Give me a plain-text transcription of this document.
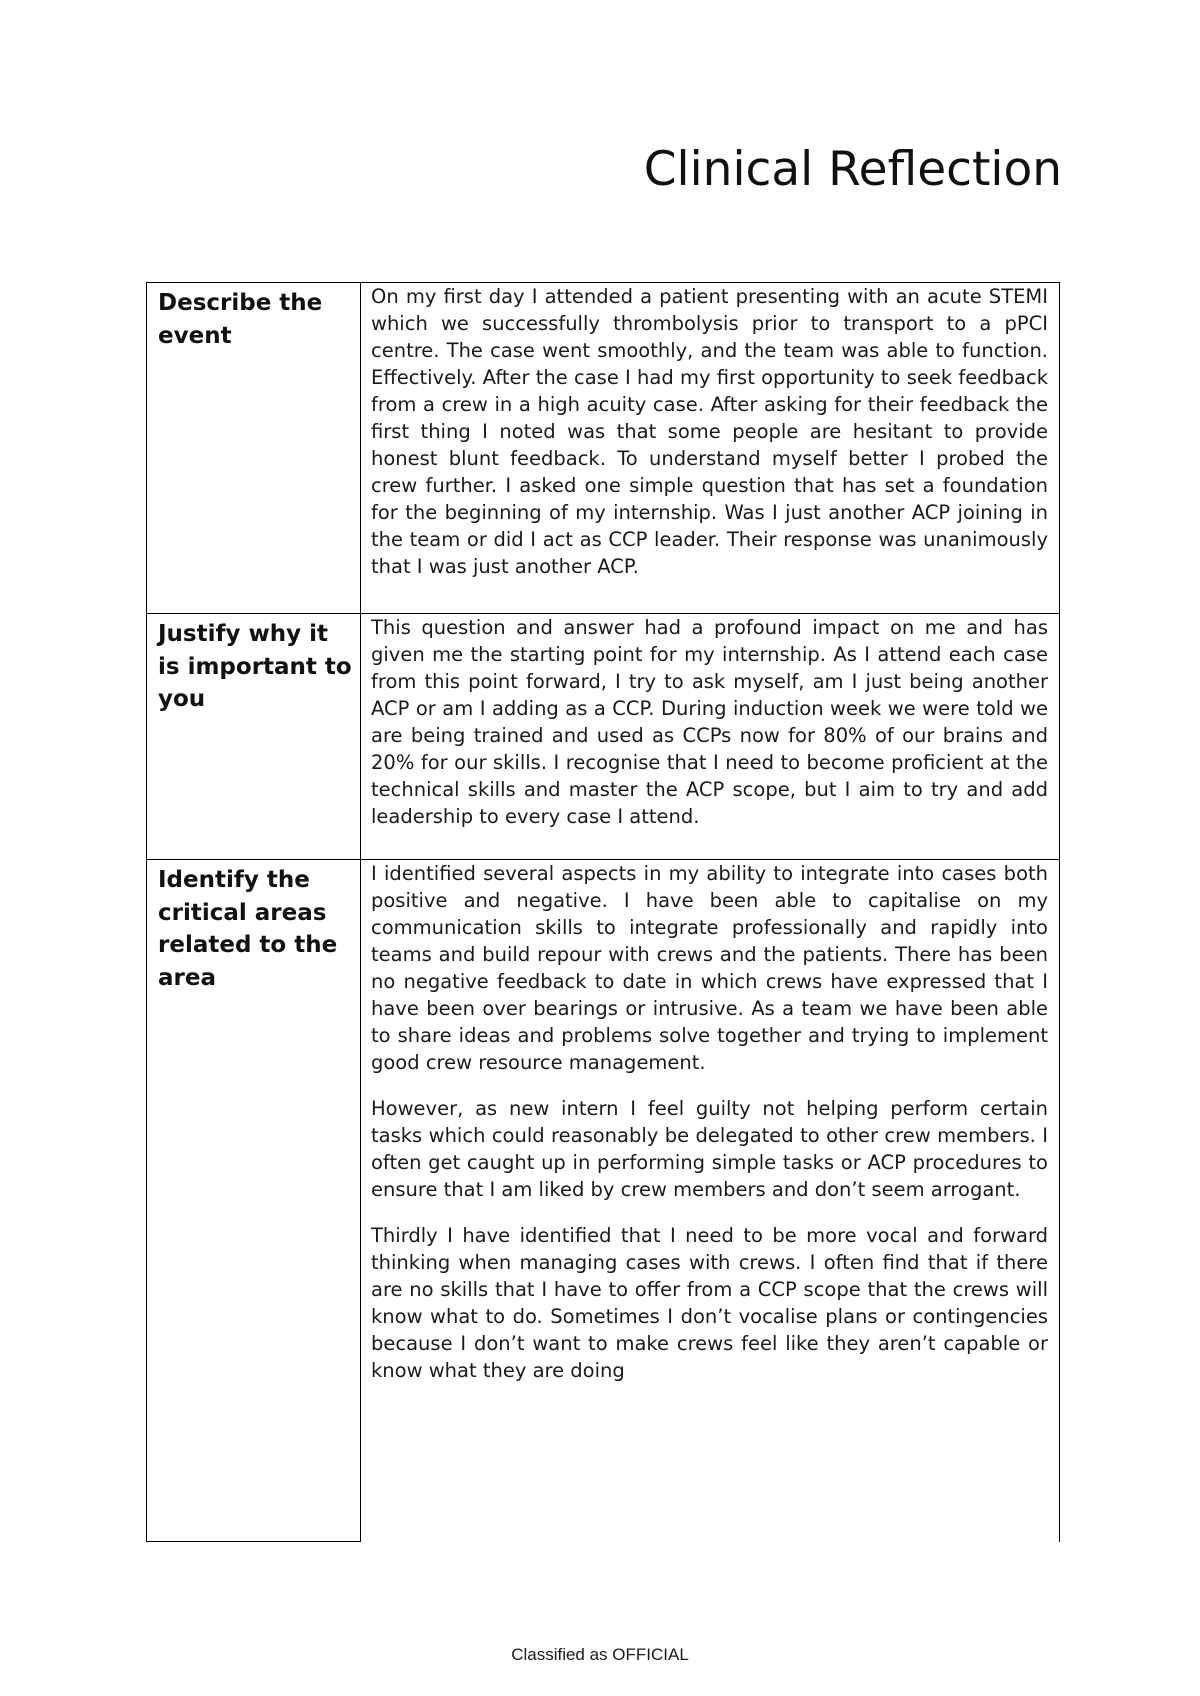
Clinical Reflection
Describe the event	On my first day I attended a patient presenting with an acute STEMI which we successfully thrombolysis prior to transport to a pPCI centre. The case went smoothly, and the team was able to function. Effectively. After the case I had my first opportunity to seek feedback from a crew in a high acuity case. After asking for their feedback the first thing I noted was that some people are hesitant to provide honest blunt feedback. To understand myself better I probed the crew further. I asked one simple question that has set a foundation for the beginning of my internship. Was I just another ACP joining in the team or did I act as CCP leader. Their response was unanimously that I was just another ACP.

Justify why it is important to you	This question and answer had a profound impact on me and has given me the starting point for my internship. As I attend each case from this point forward, I try to ask myself, am I just being another ACP or am I adding as a CCP. During induction week we were told we are being trained and used as CCPs now for 80% of our brains and 20% for our skills. I recognise that I need to become proficient at the technical skills and master the ACP scope, but I aim to try and add leadership to every case I attend.

Identify the critical areas related to the area	I identified several aspects in my ability to integrate into cases both positive and negative. I have been able to capitalise on my communication skills to integrate professionally and rapidly into teams and build repour with crews and the patients. There has been no negative feedback to date in which crews have expressed that I have been over bearings or intrusive. As a team we have been able to share ideas and problems solve together and trying to implement good crew resource management.

However, as new intern I feel guilty not helping perform certain tasks which could reasonably be delegated to other crew members. I often get caught up in performing simple tasks or ACP procedures to ensure that I am liked by crew members and don’t seem arrogant.

Thirdly I have identified that I need to be more vocal and forward thinking when managing cases with crews. I often find that if there are no skills that I have to offer from a CCP scope that the crews will know what to do. Sometimes I don’t vocalise plans or contingencies because I don’t want to make crews feel like they aren’t capable or know what they are doing

Classified as OFFICIAL
